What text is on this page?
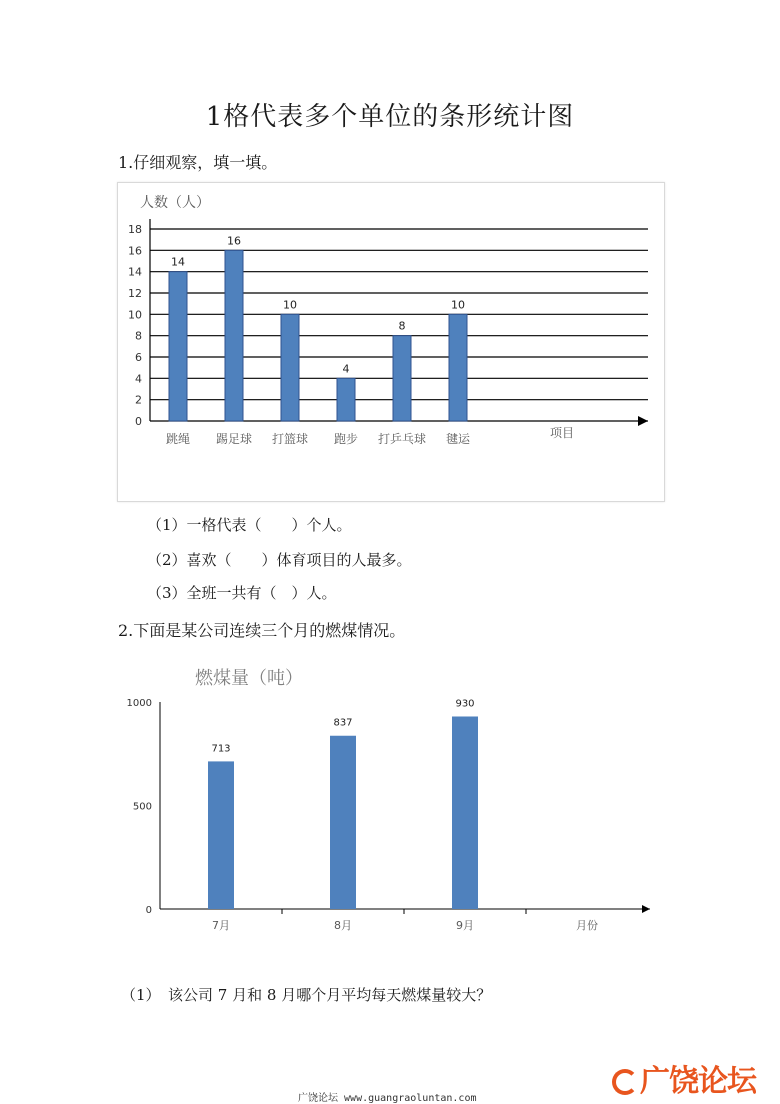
1格代表多个单位的条形统计图
1.仔细观察，填一填。
人数（人）
0
2
4
6
8
10
12
14
16
18
14
跳绳
16
踢足球
10
打篮球
4
跑步
8
打乒乓球
10
毽运	项目
（1）一格代表（　　）个人。
（2）喜欢（　　）体育项目的人最多。
（3）全班一共有（　）人。
2.下面是某公司连续三个月的燃煤情况。
燃煤量（吨）
0
500
1000
713
7月
837
8月
930
9月	月份
（1）　该公司 7 月和 8 月哪个月平均每天燃煤量较大？
广饶论坛 www.guangraoluntan.com	广饶论坛
